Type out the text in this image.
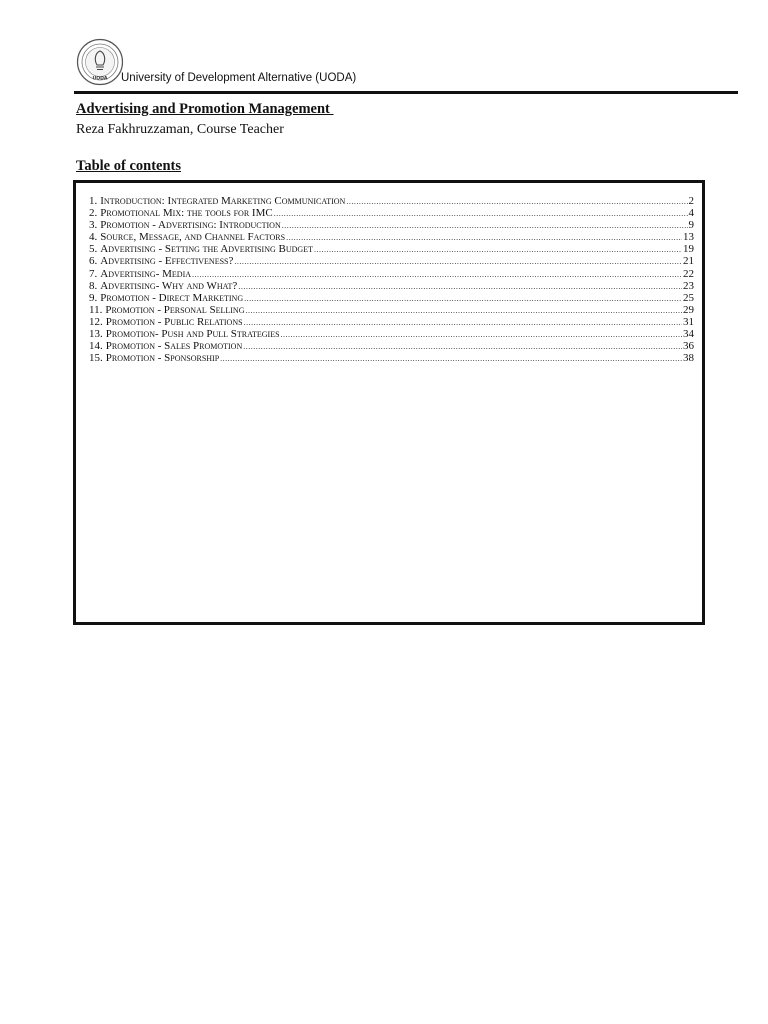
UODA University of Development Alternative (UODA)
Advertising and Promotion Management
Reza Fakhruzzaman, Course Teacher
Table of contents
1. Introduction: Integrated Marketing Communication .....	2
2. Promotional Mix: the tools for IMC .....	4
3. Promotion - Advertising: Introduction .....	9
4. Source, Message, and Channel Factors .....	13
5. Advertising - Setting the Advertising Budget .....	19
6. Advertising - Effectiveness? .....	21
7. Advertising- Media .....	22
8. Advertising- Why and What? .....	23
9. Promotion - Direct Marketing .....	25
11. Promotion - Personal Selling .....	29
12. Promotion - Public Relations .....	31
13. Promotion- Push and Pull Strategies .....	34
14. Promotion - Sales Promotion .....	36
15. Promotion - Sponsorship .....	38
